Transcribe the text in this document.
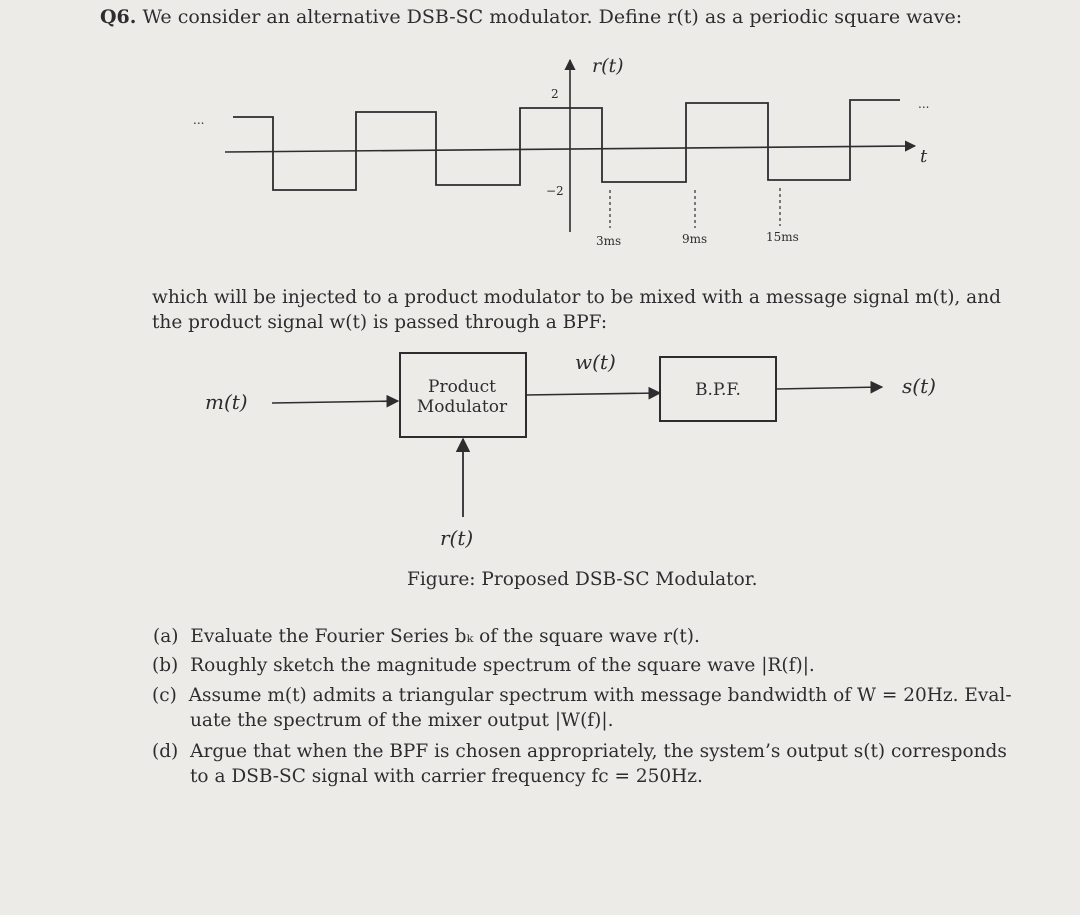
Q6. We consider an alternative DSB-SC modulator. Define r(t) as a periodic square wave:
r(t)
t
2
−2
...
...
3ms	9ms	15ms
which will be injected to a product modulator to be mixed with a message signal m(t), and
the product signal w(t) is passed through a BPF:
m(t)
Product
Modulator
w(t)
B.P.F.	s(t)
r(t)
Figure: Proposed DSB-SC Modulator.
(a) Evaluate the Fourier Series bₖ of the square wave r(t).
(b) Roughly sketch the magnitude spectrum of the square wave |R(f)|.
(c) Assume m(t) admits a triangular spectrum with message bandwidth of W = 20Hz. Eval-
uate the spectrum of the mixer output |W(f)|.
(d) Argue that when the BPF is chosen appropriately, the system’s output s(t) corresponds
to a DSB-SC signal with carrier frequency fc = 250Hz.
